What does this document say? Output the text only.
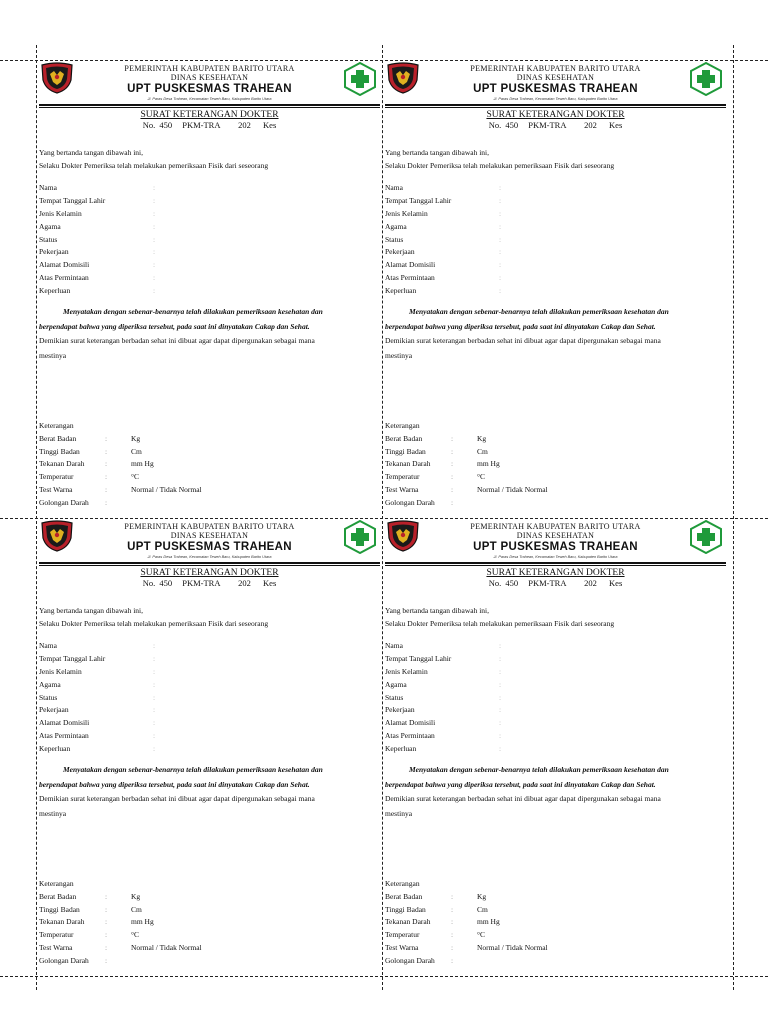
PEMERINTAH KABUPATEN BARITO UTARA
DINAS KESEHATAN
UPT PUSKESMAS TRAHEAN
Jl. Paras Desa Trahean, Kecamatan Teweh Baru, Kabupaten Barito Utara
SURAT KETERANGAN DOKTER
No. 450 PKM-TRA 202 Kes
Yang bertanda tangan dibawah ini,
Selaku Dokter Pemeriksa telah melakukan pemeriksaan Fisik dari seseorang
Nama	:
Tempat Tanggal Lahir	:
Jenis Kelamin	:
Agama	:
Status	:
Pekerjaan	:
Alamat Domisili	:
Atas Permintaan	:
Keperluan	:
Menyatakan dengan sebenar-benarnya telah dilakukan pemeriksaan kesehatan dan
berpendapat bahwa yang diperiksa tersebut, pada saat ini dinyatakan Cakap dan Sehat.
Demikian surat keterangan berbadan sehat ini dibuat agar dapat dipergunakan sebagai mana
mestinya
Keterangan
Berat Badan	:	Kg
Tinggi Badan	:	Cm
Tekanan Darah	:	mm Hg
Temperatur	:	°C
Test Warna	:	Normal / Tidak Normal
Golongan Darah :
PEMERINTAH KABUPATEN BARITO UTARA
DINAS KESEHATAN
UPT PUSKESMAS TRAHEAN
Jl. Paras Desa Trahean, Kecamatan Teweh Baru, Kabupaten Barito Utara
SURAT KETERANGAN DOKTER
No. 450 PKM-TRA 202 Kes
Yang bertanda tangan dibawah ini,
Selaku Dokter Pemeriksa telah melakukan pemeriksaan Fisik dari seseorang
Nama	:
Tempat Tanggal Lahir	:
Jenis Kelamin	:
Agama	:
Status	:
Pekerjaan	:
Alamat Domisili	:
Atas Permintaan	:
Keperluan	:
Menyatakan dengan sebenar-benarnya telah dilakukan pemeriksaan kesehatan dan
berpendapat bahwa yang diperiksa tersebut, pada saat ini dinyatakan Cakap dan Sehat.
Demikian surat keterangan berbadan sehat ini dibuat agar dapat dipergunakan sebagai mana
mestinya
Keterangan
Berat Badan	:	Kg
Tinggi Badan	:	Cm
Tekanan Darah	:	mm Hg
Temperatur	:	°C
Test Warna	:	Normal / Tidak Normal
Golongan Darah :
PEMERINTAH KABUPATEN BARITO UTARA
DINAS KESEHATAN
UPT PUSKESMAS TRAHEAN
Jl. Paras Desa Trahean, Kecamatan Teweh Baru, Kabupaten Barito Utara
SURAT KETERANGAN DOKTER
No. 450 PKM-TRA 202 Kes
Yang bertanda tangan dibawah ini,
Selaku Dokter Pemeriksa telah melakukan pemeriksaan Fisik dari seseorang
Nama	:
Tempat Tanggal Lahir	:
Jenis Kelamin	:
Agama	:
Status	:
Pekerjaan	:
Alamat Domisili	:
Atas Permintaan	:
Keperluan	:
Menyatakan dengan sebenar-benarnya telah dilakukan pemeriksaan kesehatan dan
berpendapat bahwa yang diperiksa tersebut, pada saat ini dinyatakan Cakap dan Sehat.
Demikian surat keterangan berbadan sehat ini dibuat agar dapat dipergunakan sebagai mana
mestinya
Keterangan
Berat Badan	:	Kg
Tinggi Badan	:	Cm
Tekanan Darah	:	mm Hg
Temperatur	:	°C
Test Warna	:	Normal / Tidak Normal
Golongan Darah :
PEMERINTAH KABUPATEN BARITO UTARA
DINAS KESEHATAN
UPT PUSKESMAS TRAHEAN
Jl. Paras Desa Trahean, Kecamatan Teweh Baru, Kabupaten Barito Utara
SURAT KETERANGAN DOKTER
No. 450 PKM-TRA 202 Kes
Yang bertanda tangan dibawah ini,
Selaku Dokter Pemeriksa telah melakukan pemeriksaan Fisik dari seseorang
Nama	:
Tempat Tanggal Lahir	:
Jenis Kelamin	:
Agama	:
Status	:
Pekerjaan	:
Alamat Domisili	:
Atas Permintaan	:
Keperluan	:
Menyatakan dengan sebenar-benarnya telah dilakukan pemeriksaan kesehatan dan
berpendapat bahwa yang diperiksa tersebut, pada saat ini dinyatakan Cakap dan Sehat.
Demikian surat keterangan berbadan sehat ini dibuat agar dapat dipergunakan sebagai mana
mestinya
Keterangan
Berat Badan	:	Kg
Tinggi Badan	:	Cm
Tekanan Darah	:	mm Hg
Temperatur	:	°C
Test Warna	:	Normal / Tidak Normal
Golongan Darah :
